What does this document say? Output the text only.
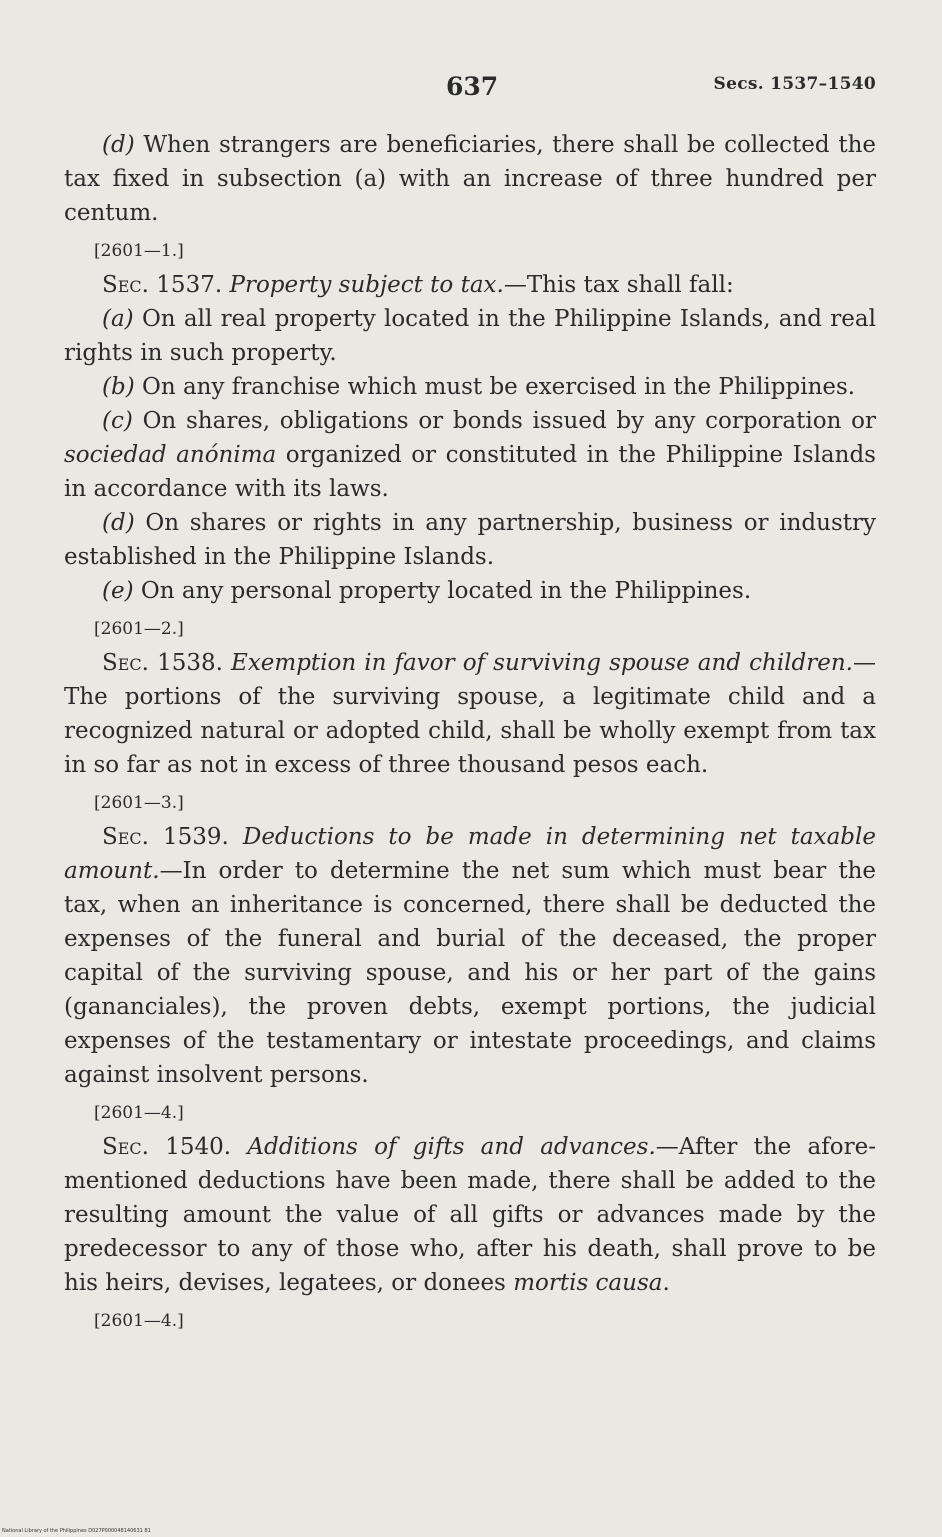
637	Secs. 1537–1540

(d) When strangers are beneficiaries, there shall be collected the tax fixed in subsection (a) with an increase of three hundred per centum.

[2601—1.]

Sec. 1537. Property subject to tax.—This tax shall fall:

(a) On all real property located in the Philippine Islands, and real rights in such property.

(b) On any franchise which must be exercised in the Philippines.

(c) On shares, obligations or bonds issued by any corporation or sociedad anónima organized or constituted in the Philippine Islands in accordance with its laws.

(d) On shares or rights in any partnership, business or industry established in the Philippine Islands.

(e) On any personal property located in the Philippines.

[2601—2.]

Sec. 1538. Exemption in favor of surviving spouse and children.—The portions of the surviving spouse, a legitimate child and a recognized natural or adopted child, shall be wholly exempt from tax in so far as not in excess of three thousand pesos each.

[2601—3.]

Sec. 1539. Deductions to be made in determining net taxable amount.—In order to determine the net sum which must bear the tax, when an inheritance is concerned, there shall be deducted the expenses of the funeral and burial of the deceased, the proper capital of the surviving spouse, and his or her part of the gains (gananciales), the proven debts, exempt portions, the judicial expenses of the testamentary or intestate proceedings, and claims against insolvent persons.

[2601—4.]

Sec. 1540. Additions of gifts and advances.—After the afore-mentioned deductions have been made, there shall be added to the resulting amount the value of all gifts or advances made by the predecessor to any of those who, after his death, shall prove to be his heirs, devises, legatees, or donees mortis causa.

[2601—4.]

National Library of the Philippines D027P000048140631 81
